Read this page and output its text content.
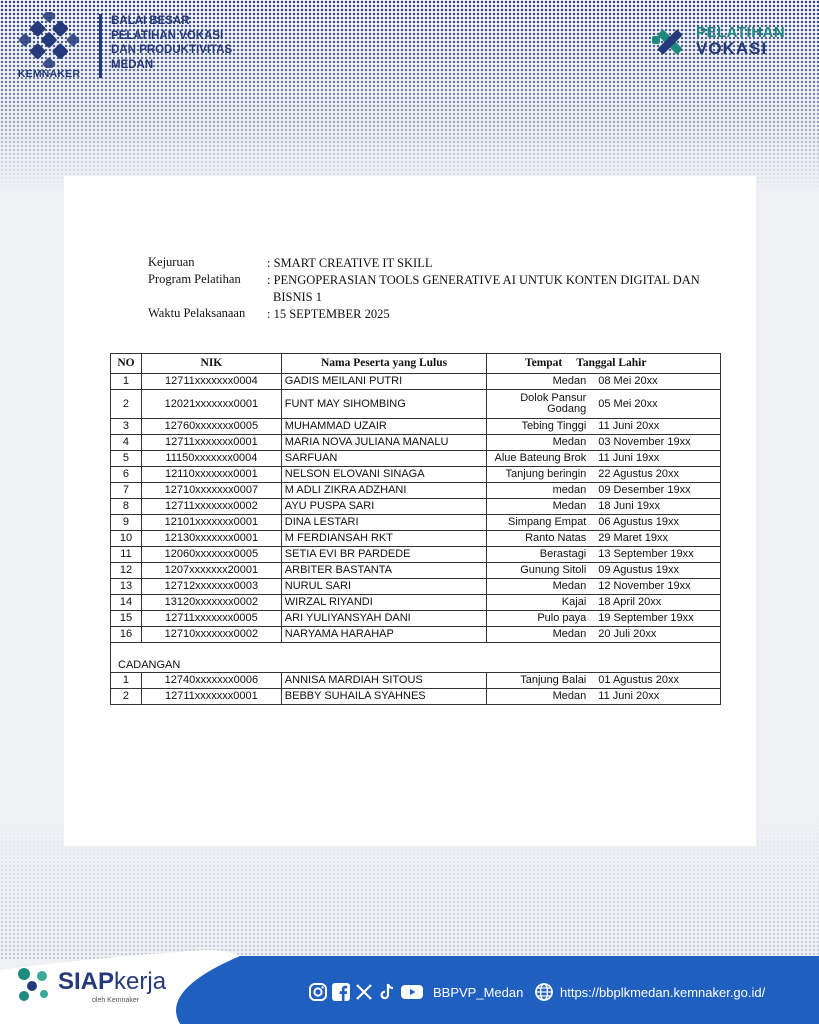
KEMNAKER
BALAI BESAR PELATIHAN VOKASI DAN PRODUKTIVITAS MEDAN
PELATIHAN
VOKASI
Kejuruan	: SMART CREATIVE IT SKILL
Program Pelatihan	: PENGOPERASIAN TOOLS GENERATIVE AI UNTUK KONTEN DIGITAL DAN
BISNIS 1
Waktu Pelaksanaan	: 15 SEPTEMBER 2025
NO	NIK	Nama Peserta yang Lulus	Tempat Tanggal Lahir

1	12711xxxxxxx0004	GADIS MEILANI PUTRI	Medan 08 Mei 20xx

2	12021xxxxxxx0001	FUNT MAY SIHOMBING	Dolok Pansur Godang 05 Mei 20xx

3	12760xxxxxxx0005	MUHAMMAD UZAIR	Tebing Tinggi 11 Juni 20xx

4	12711xxxxxxx0001	MARIA NOVA JULIANA MANALU	Medan 03 November 19xx

5	11150xxxxxxx0004	SARFUAN	Alue Bateung Brok 11 Juni 19xx

6	12110xxxxxxx0001	NELSON ELOVANI SINAGA	Tanjung beringin 22 Agustus 20xx

7	12710xxxxxxx0007	M ADLI ZIKRA ADZHANI	medan 09 Desember 19xx

8	12711xxxxxxx0002	AYU PUSPA SARI	Medan 18 Juni 19xx

9	12101xxxxxxx0001	DINA LESTARI	Simpang Empat 06 Agustus 19xx

10	12130xxxxxxx0001	M FERDIANSAH RKT	Ranto Natas 29 Maret 19xx

11	12060xxxxxxx0005	SETIA EVI BR PARDEDE	Berastagi 13 September 19xx

12	1207xxxxxxx20001	ARBITER BASTANTA	Gunung Sitoli 09 Agustus 19xx

13	12712xxxxxxx0003	NURUL SARI	Medan 12 November 19xx

14	13120xxxxxxx0002	WIRZAL RIYANDI	Kajai 18 April 20xx

15	12711xxxxxxx0005	ARI YULIYANSYAH DANI	Pulo paya 19 September 19xx

16	12710xxxxxxx0002	NARYAMA HARAHAP	Medan 20 Juli 20xx

CADANGAN			
1	12740xxxxxxx0006	ANNISA MARDIAH SITOUS	Tanjung Balai 01 Agustus 20xx

2	12711xxxxxxx0001	BEBBY SUHAILA SYAHNES	Medan 11 Juni 20xx
SIAPkerja
oleh Kemnaker
BBPVP_Medan	https://bbplkmedan.kemnaker.go.id/
